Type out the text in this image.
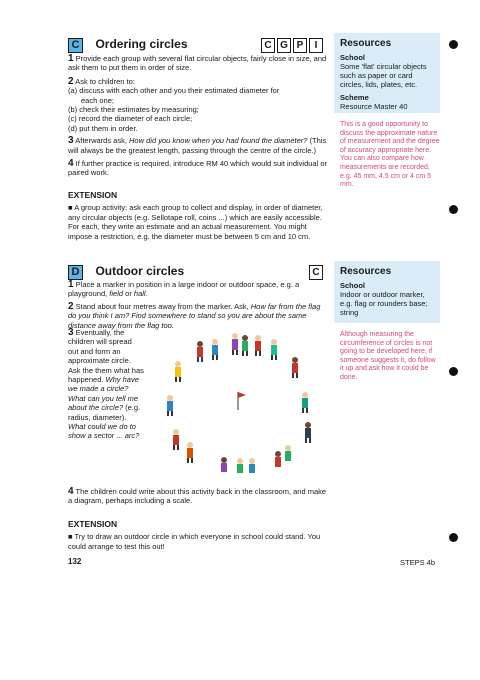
C Ordering circles	C G P I
1 Provide each group with several flat circular objects, fairly close in size, and ask them to put them in order of size.
2 Ask to children to:
(a) discuss with each other and you their estimated diameter for
each one;
(b) check their estimates by measuring;
(c) record the diameter of each circle;
(d) put them in order.
3 Afterwards ask, How did you know when you had found the diameter? (This will always be the greatest length, passing through the centre of the circle.)
4 If further practice is required, introduce RM 40 which would suit individual or paired work.
EXTENSION
■ A group activity: ask each group to collect and display, in order of diameter, any circular objects (e.g. Sellotape roll, coins ...) which are easily accessible. For each, they write an estimate and an actual measurement. You might impose a restriction, e.g. the diameter must be between 5 cm and 10 cm.
Resources
School
Some 'flat' circular objects such as paper or card circles, lids, plates, etc.
Scheme
Resource Master 40
This is a good opportunity to discuss the approximate nature of measurement and the degree of accuracy appropriate here. You can also compare how measurements are recorded, e.g. 45 mm, 4.5 cm or 4 cm 5 mm.
D Outdoor circles	C
1 Place a marker in position in a large indoor or outdoor space, e.g. a playground, field or hall.
2 Stand about four metres away from the marker. Ask, How far from the flag do you think I am? Find somewhere to stand so you are about the same distance away from the flag too.
3 Eventually, the
children will spread
out and form an
approximate circle.
Ask the them what has
happened. Why have
we made a circle?
What can you tell me
about the circle? (e.g.
radius, diameter).
What could we do to
show a sector ... arc?
4 The children could write about this activity back in the classroom, and make a diagram, perhaps including a scale.
EXTENSION
■ Try to draw an outdoor circle in which everyone in school could stand. You could arrange to test this out!
Resources
School
Indoor or outdoor marker, e.g. flag or rounders base; string
Although measuring the circumference of circles is not going to be developed here, if someone suggests it, do follow it up and ask how it could be done.
132	STEPS 4b
